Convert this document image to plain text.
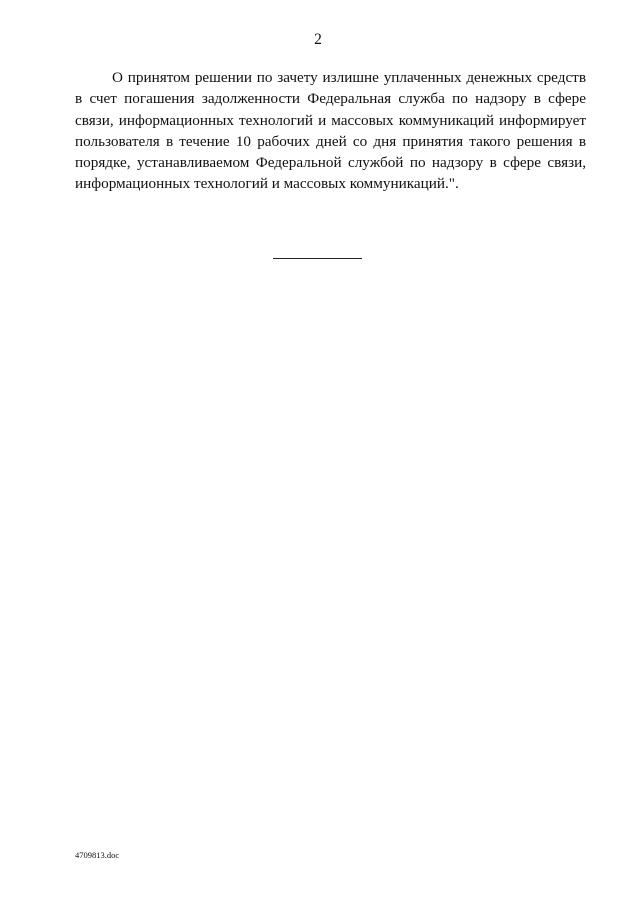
2

О принятом решении по зачету излишне уплаченных денежных средств в счет погашения задолженности Федеральная служба по надзору в сфере связи, информационных технологий и массовых коммуникаций информирует пользователя в течение 10 рабочих дней со дня принятия такого решения в порядке, устанавливаемом Федеральной службой по надзору в сфере связи, информационных технологий и массовых коммуникаций.".

4709813.doc
